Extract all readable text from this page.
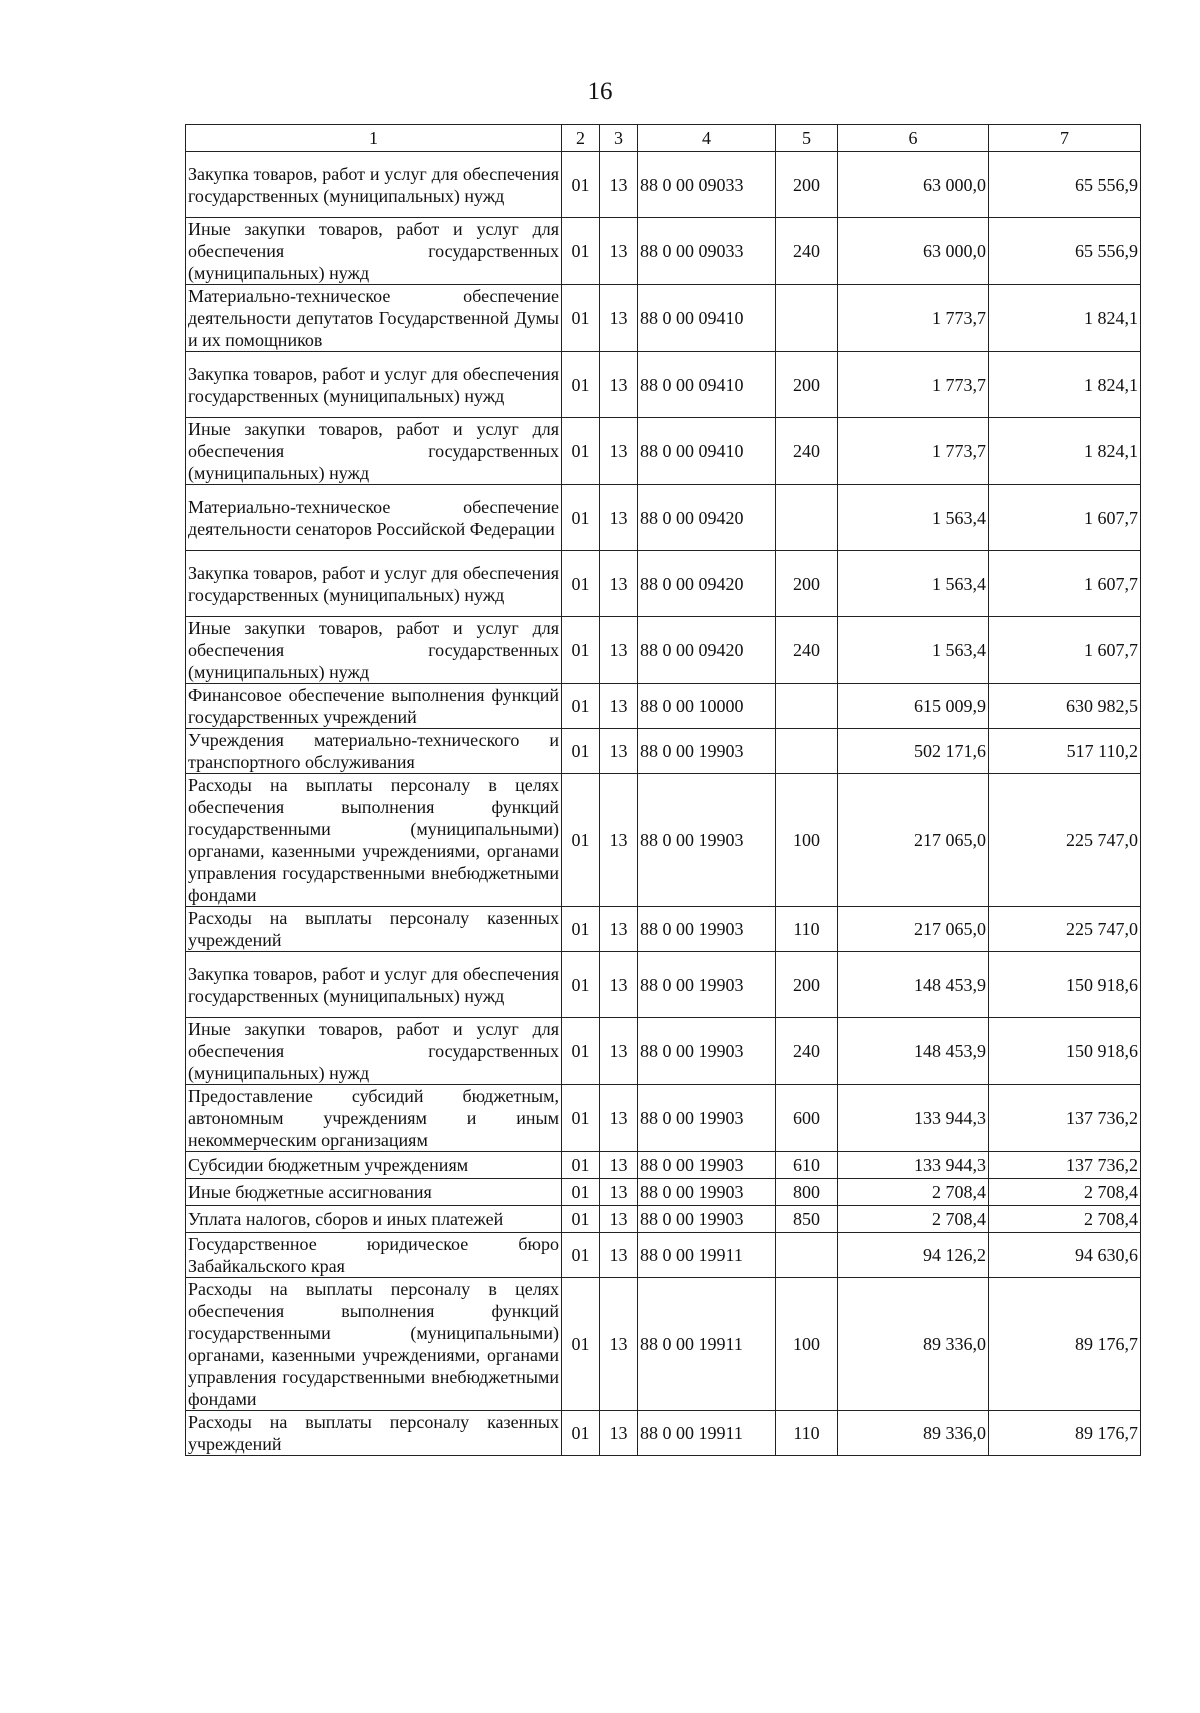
16
1	2	3	4	5	6	7
Закупка товаров, работ и услуг для обеспечения государственных (муниципальных) нужд	01	13	88 0 00 09033	200	63 000,0	65 556,9
Иные закупки товаров, работ и услуг для обеспечения государственных (муниципальных) нужд	01	13	88 0 00 09033	240	63 000,0	65 556,9
Материально-техническое обеспечение деятельности депутатов Государственной Думы и их помощников	01	13	88 0 00 09410		1 773,7	1 824,1
Закупка товаров, работ и услуг для обеспечения государственных (муниципальных) нужд	01	13	88 0 00 09410	200	1 773,7	1 824,1
Иные закупки товаров, работ и услуг для обеспечения государственных (муниципальных) нужд	01	13	88 0 00 09410	240	1 773,7	1 824,1
Материально-техническое обеспечение деятельности сенаторов Российской Федерации	01	13	88 0 00 09420		1 563,4	1 607,7
Закупка товаров, работ и услуг для обеспечения государственных (муниципальных) нужд	01	13	88 0 00 09420	200	1 563,4	1 607,7
Иные закупки товаров, работ и услуг для обеспечения государственных (муниципальных) нужд	01	13	88 0 00 09420	240	1 563,4	1 607,7
Финансовое обеспечение выполнения функций государственных учреждений	01	13	88 0 00 10000		615 009,9	630 982,5
Учреждения материально-технического и транспортного обслуживания	01	13	88 0 00 19903		502 171,6	517 110,2
Расходы на выплаты персоналу в целях обеспечения выполнения функций государственными (муниципальными) органами, казенными учреждениями, органами управления государственными внебюджетными фондами	01	13	88 0 00 19903	100	217 065,0	225 747,0
Расходы на выплаты персоналу казенных учреждений	01	13	88 0 00 19903	110	217 065,0	225 747,0
Закупка товаров, работ и услуг для обеспечения государственных (муниципальных) нужд	01	13	88 0 00 19903	200	148 453,9	150 918,6
Иные закупки товаров, работ и услуг для обеспечения государственных (муниципальных) нужд	01	13	88 0 00 19903	240	148 453,9	150 918,6
Предоставление субсидий бюджетным, автономным учреждениям и иным некоммерческим организациям	01	13	88 0 00 19903	600	133 944,3	137 736,2
Субсидии бюджетным учреждениям	01	13	88 0 00 19903	610	133 944,3	137 736,2
Иные бюджетные ассигнования	01	13	88 0 00 19903	800	2 708,4	2 708,4
Уплата налогов, сборов и иных платежей	01	13	88 0 00 19903	850	2 708,4	2 708,4
Государственное юридическое бюро Забайкальского края	01	13	88 0 00 19911		94 126,2	94 630,6
Расходы на выплаты персоналу в целях обеспечения выполнения функций государственными (муниципальными) органами, казенными учреждениями, органами управления государственными внебюджетными фондами	01	13	88 0 00 19911	100	89 336,0	89 176,7
Расходы на выплаты персоналу казенных учреждений	01	13	88 0 00 19911	110	89 336,0	89 176,7
